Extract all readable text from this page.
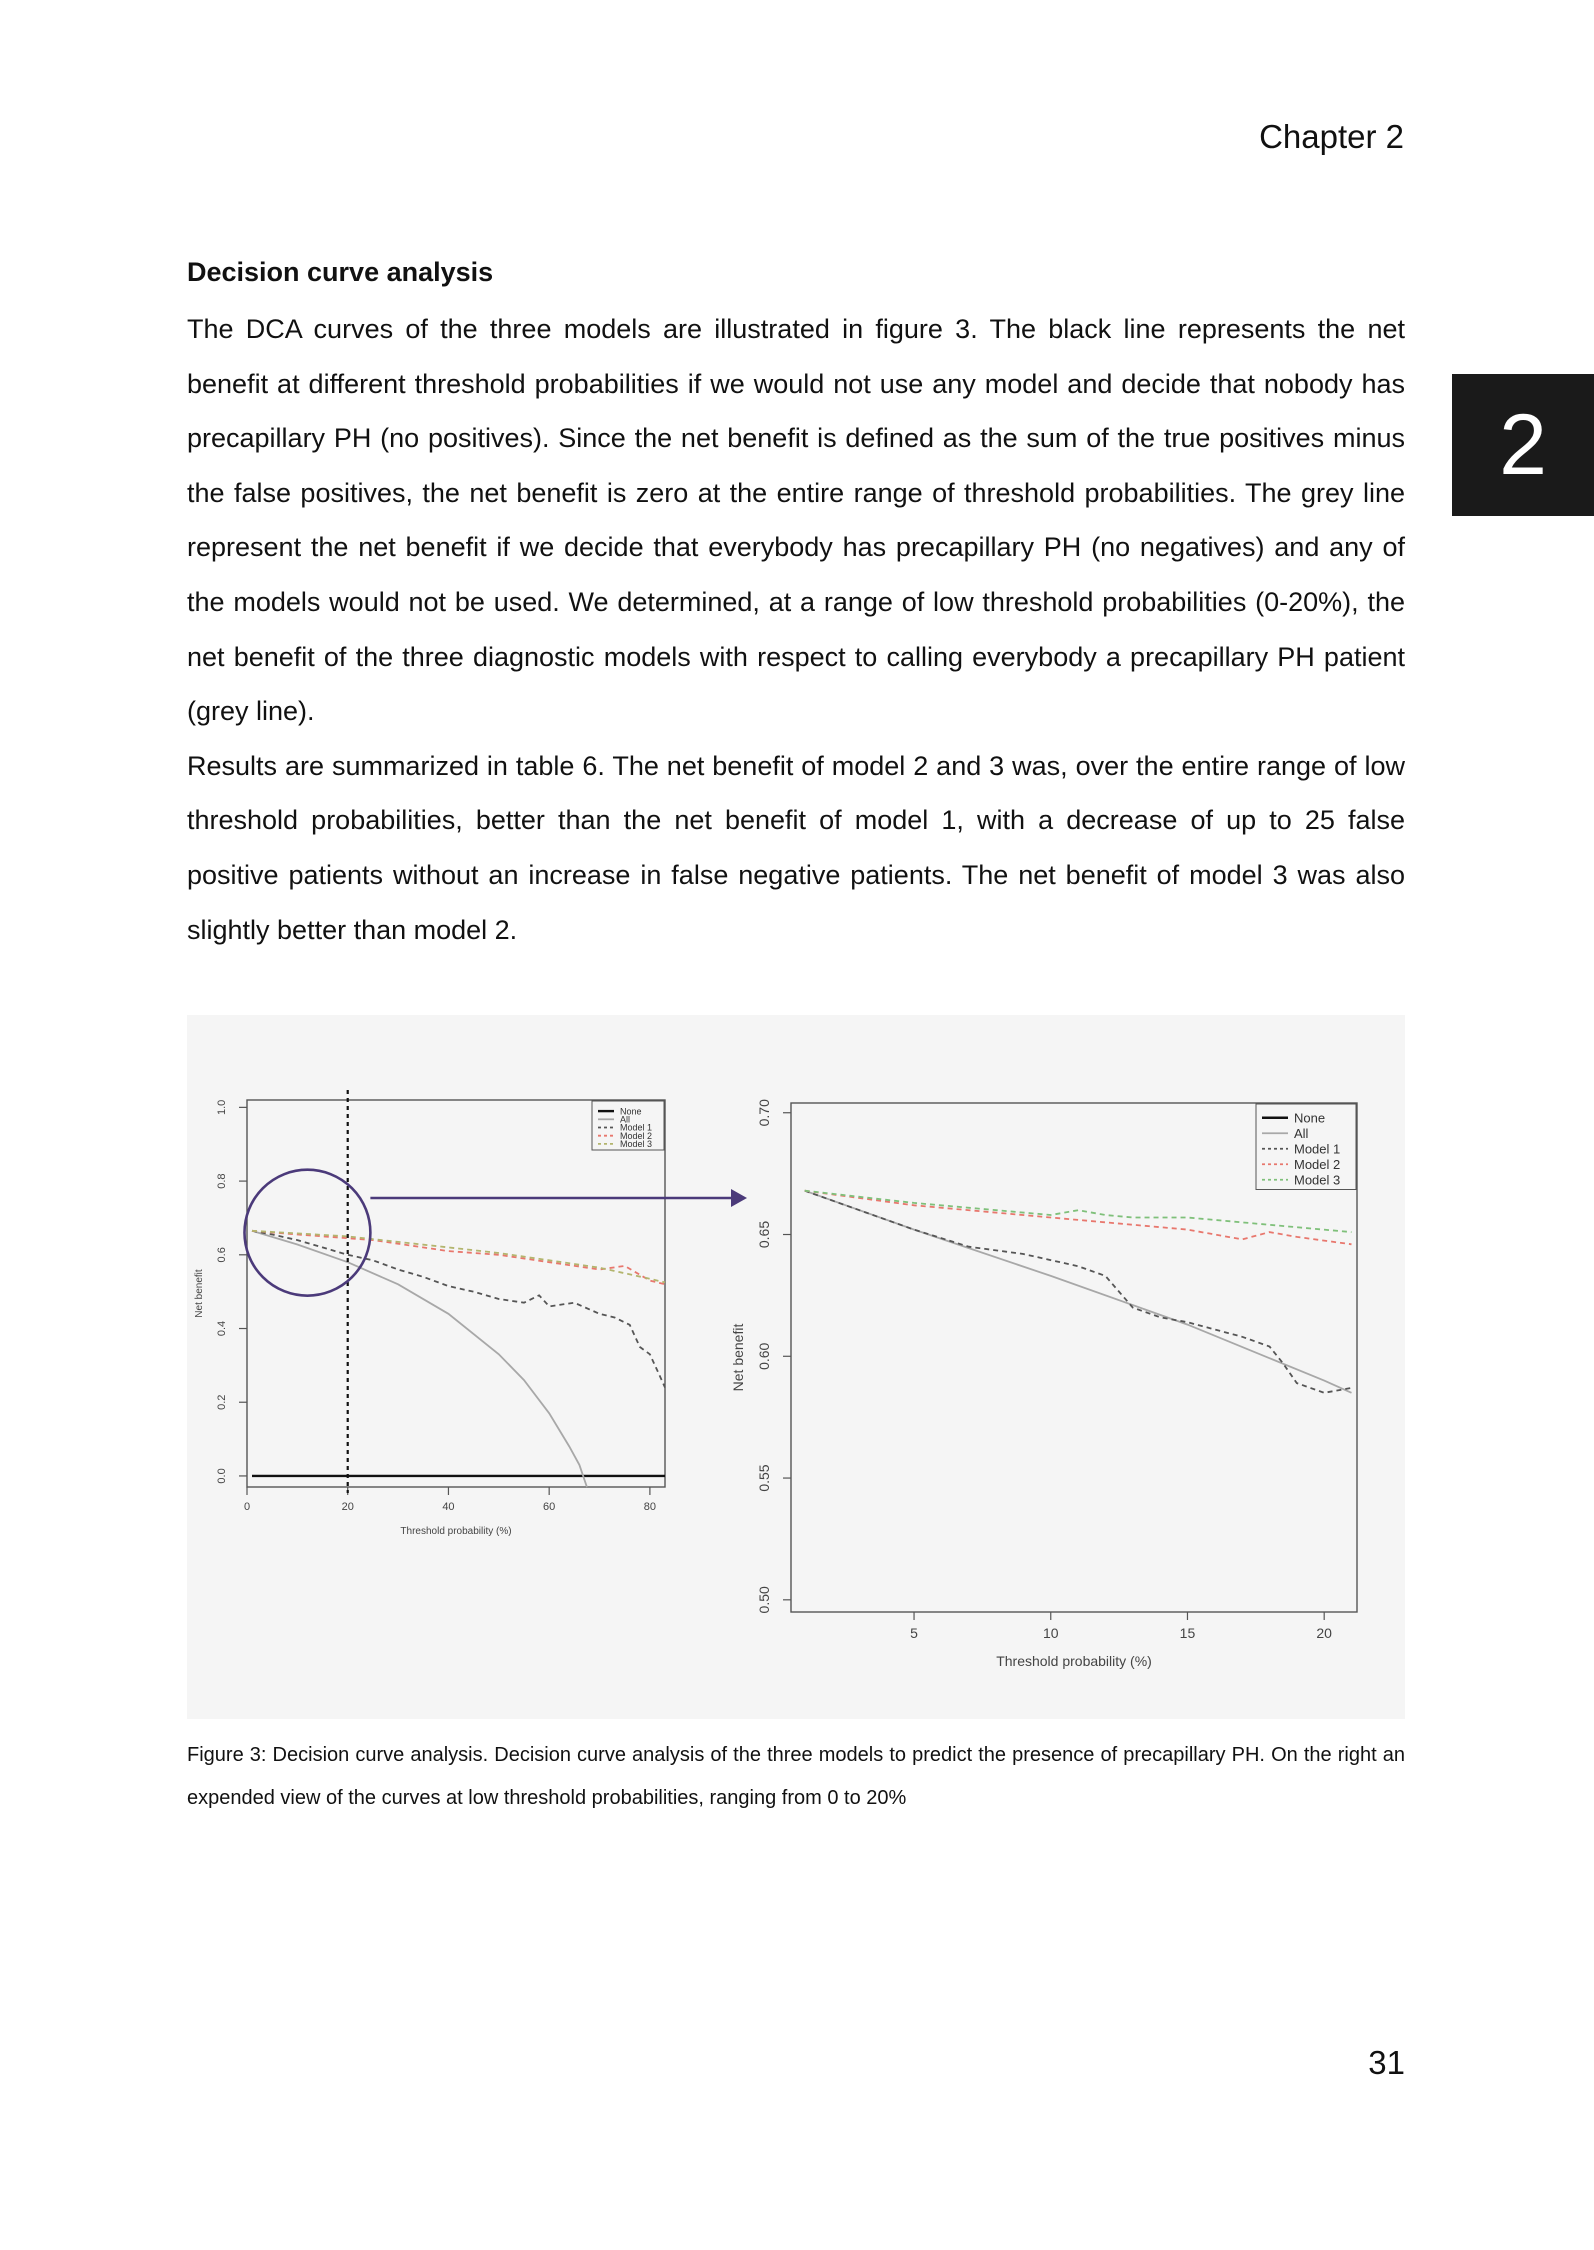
Chapter 2
2
Decision curve analysis

The DCA curves of the three models are illustrated in figure 3. The black line represents the net benefit at different threshold probabilities if we would not use any model and decide that nobody has precapillary PH (no positives). Since the net benefit is defined as the sum of the true positives minus the false positives, the net benefit is zero at the entire range of threshold probabilities. The grey line represent the net benefit if we decide that everybody has precapillary PH (no negatives) and any of the models would not be used. We determined, at a range of low threshold probabilities (0-20%), the net benefit of the three diagnostic models with respect to calling everybody a precapillary PH patient (grey line).

Results are summarized in table 6. The net benefit of model 2 and 3 was, over the entire range of low threshold probabilities, better than the net benefit of model 1, with a decrease of up to 25 false positive patients without an increase in false negative patients. The net benefit of model 3 was also slightly better than model 2.

0	20	40	60	80
0.0
0.2
0.4
0.6
0.8
1.0
Threshold probability (%)
Net benefit
None
All
Model 1
Model 2
Model 3
5	10	15	20
0.50
0.55
0.60
0.65
0.70
Threshold probability (%)
Net benefit
None
All
Model 1
Model 2
Model 3
Figure 3: Decision curve analysis. Decision curve analysis of the three models to predict the presence of precapillary PH. On the right an expended view of the curves at low threshold probabilities, ranging from 0 to 20%
31
